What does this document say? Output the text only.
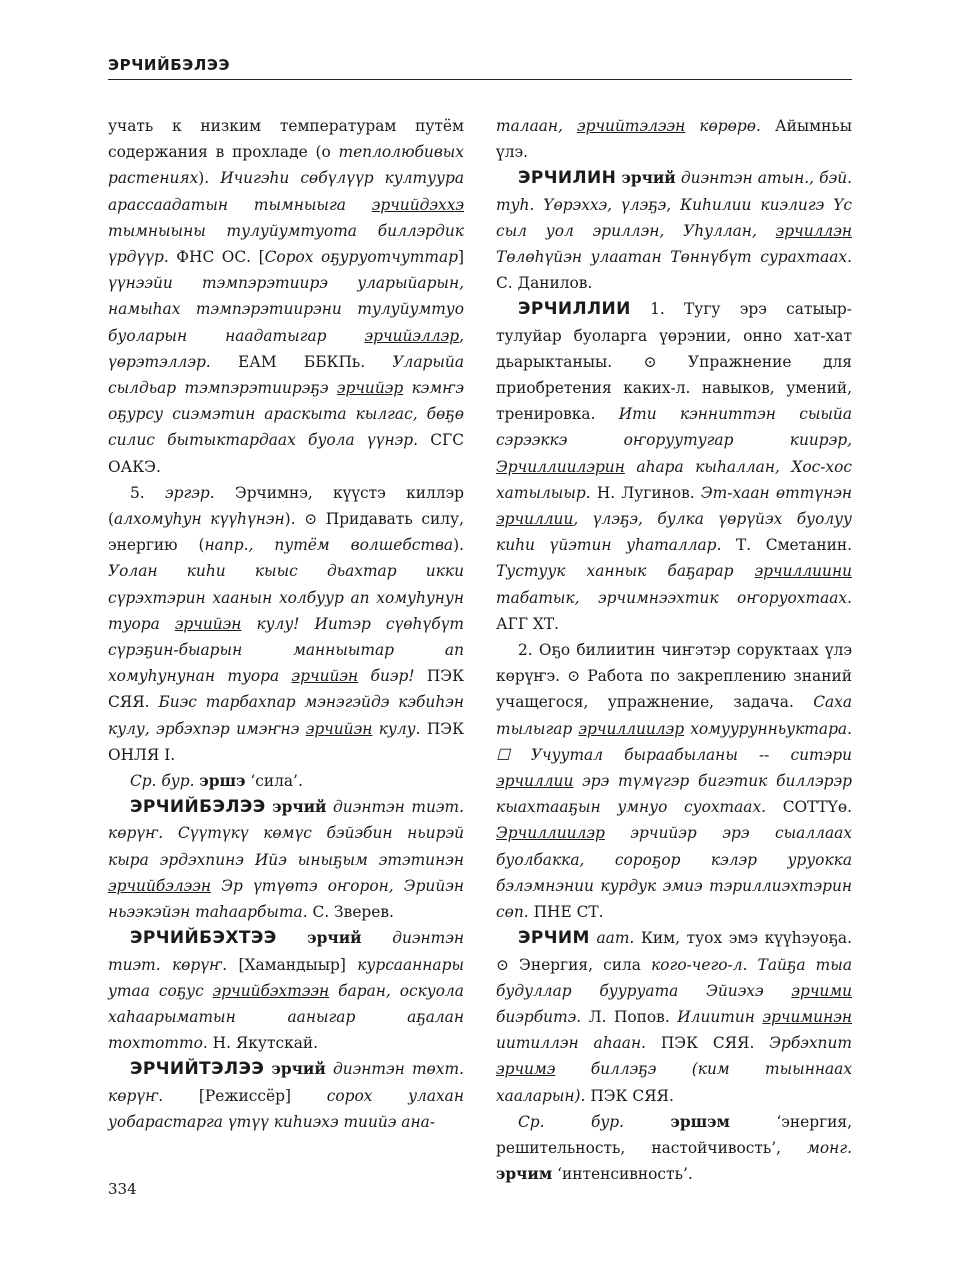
ЭРЧИЙБЭЛЭЭ

учать к низким температурам путём содержания в прохладе (о теплолюбивых растениях). Ичигэһи сөбүлүүр култуура арассаадатын тымныыга эрчийдэххэ тымныыны тулуйумтуота биллэрдик үрдүүр. ФНС ОС. [Сорох оҕуруотчуттар] үүнээйи тэмпэрэтиирэ уларыйарын, намыһах тэмпэрэтиирэни тулуйумтуо буоларын наадатыгар эрчийэллэр, үөрэтэллэр. ЕАМ ББКПь. Уларыйа сылдьар тэмпэрэтиирэҕэ эрчийэр кэмҥэ оҕурсу сиэмэтин араскыта кылгас, бөҕө силис бытыктардаах буола үүнэр. СГС ОАКЭ.

5. эргэр. Эрчимнэ, күүстэ киллэр (алхомуһун күүһүнэн). ⊙ Придавать силу, энергию (напр., путём волшебства). Уолан киһи кыыс дьахтар икки сүрэхтэрин хаанын холбуур ап хомуһунун туора эрчийэн кулу! Иитэр сүөһүбүт сүрэҕин-быарын манныытар ап хомуһунунан туора эрчийэн биэр! ПЭК СЯЯ. Биэс тарбахпар мэнэгэйдэ кэбиһэн кулу, эрбэхпэр имэҥнэ эрчийэн кулу. ПЭК ОНЛЯ I.

Ср. бур. эршэ ‘сила’.

ЭРЧИЙБЭЛЭЭ эрчий диэнтэн тиэт. көрүҥ. Сүүтүкү көмүс бэйэбин ньирэй кыра эрдэхпинэ Ийэ ыныҕым этэтинэн эрчийбэлээн Эр үтүөтэ оҥорон, Эрийэн ньээкэйэн таһаарбыта. С. Зверев.

ЭРЧИЙБЭХТЭЭ эрчий диэнтэн тиэт. көрүҥ. [Хамандыыр] курсааннары утаа соҕус эрчийбэхтээн баран, оскуола хаһаарыматын ааныгар аҕалан тохтотто. Н. Якутскай.

ЭРЧИЙТЭЛЭЭ эрчий диэнтэн төхт. көрүҥ. [Режиссёр] сорох улахан уобарастарга үтүү киһиэхэ тиийэ ана-

талаан, эрчийтэлээн көрөрө. Айымньы үлэ.

ЭРЧИЛИН эрчий диэнтэн атын., бэй. туһ. Үөрэххэ, үлэҕэ, Киһилии киэлигэ Үс сыл уол эриллэн, Уһуллан, эрчиллэн Төлөһүйэн улаатан Төннүбүт сурахтаах. С. Данилов.

ЭРЧИЛЛИИ 1. Тугу эрэ сатыыр-тулуйар буоларга үөрэнии, онно хат-хат дьарыктаныы. ⊙ Упражнение для приобретения каких-л. навыков, умений, тренировка. Ити кэнниттэн сыыйа сэрээккэ оҥоруутугар киирэр, Эрчиллиилэрин аһара кыһаллан, Хос-хос хатылыыр. Н. Лугинов. Эт-хаан өттүнэн эрчиллии, үлэҕэ, булка үөрүйэх буолуу киһи үйэтин уһаталлар. Т. Сметанин. Тустуук ханнык баҕарар эрчиллиини табатык, эрчимнээхтик оҥоруохтаах. АГГ ХТ.

2. Оҕо билиитин чиҥэтэр соруктаах үлэ көрүҥэ. ⊙ Работа по закреплению знаний учащегося, упражнение, задача. Саха тылыгар эрчиллиилэр хомуурунньуктара. ☐ Учуутал быраабыланы -- ситэри эрчиллии эрэ түмүгэр бигэтик биллэрэр кыахтааҕын умнуо суохтаах. СОТТҮө. Эрчиллиилэр эрчийэр эрэ сыаллаах буолбакка, сороҕор кэлэр уруокка бэлэмнэнии курдук эмиэ тэриллиэхтэрин сөп. ПНЕ СТ.

ЭРЧИМ аат. Ким, туох эмэ күүһэуоҕа. ⊙ Энергия, сила кого-чего-л. Тайҕа тыа будуллар бууруата Эйиэхэ эрчими биэрбитэ. Л. Попов. Илиитин эрчиминэн иитиллэн аһаан. ПЭК СЯЯ. Эрбэхпит эрчимэ биллэҕэ (ким тыыннаах хааларын). ПЭК СЯЯ.

Ср. бур.	эршэм ‘энергия, решительность, настойчивость’, монг. эрчим ‘интенсивность’.

334
